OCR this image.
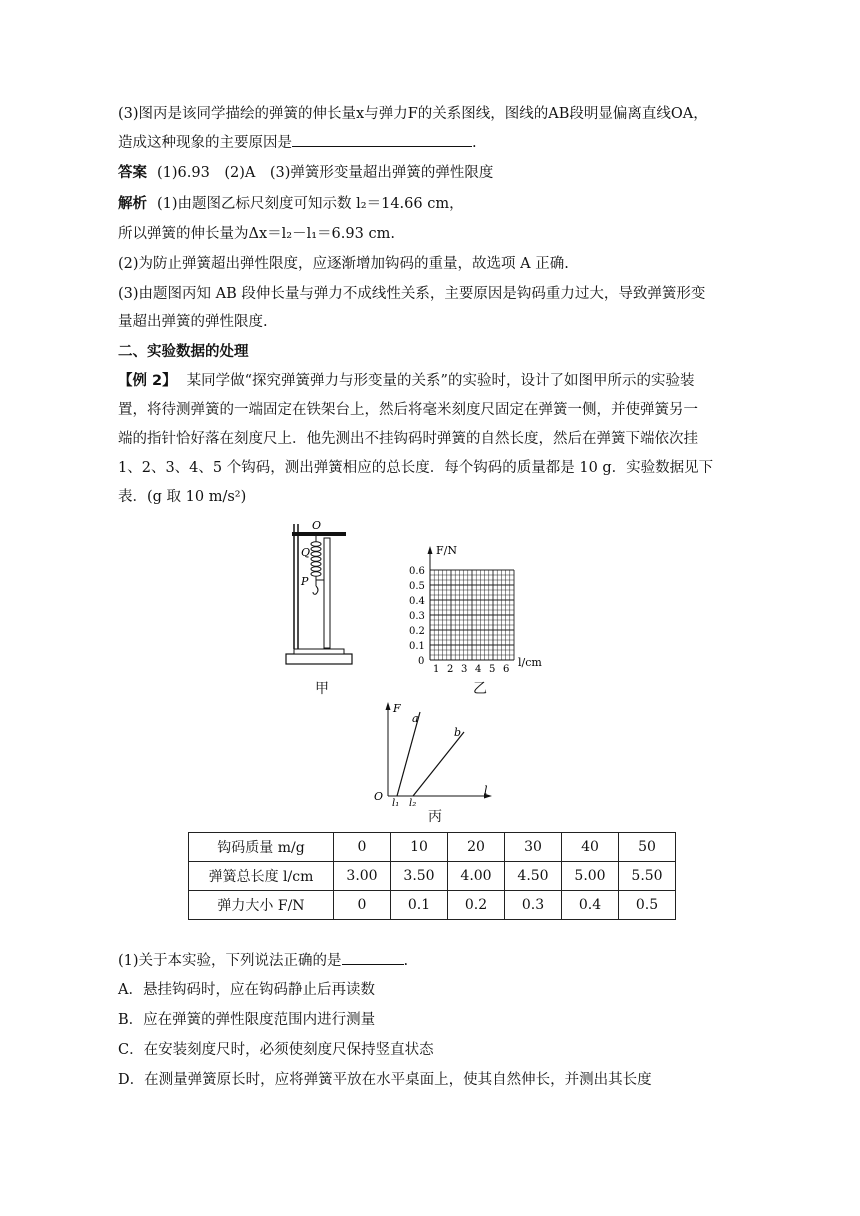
(3)图丙是该同学描绘的弹簧的伸长量x与弹力F的关系图线，图线的AB段明显偏离直线OA，
造成这种现象的主要原因是	.
答案 (1)6.93　(2)A　(3)弹簧形变量超出弹簧的弹性限度
解析 (1)由题图乙标尺刻度可知示数 l₂＝14.66 cm，
所以弹簧的伸长量为Δx＝l₂－l₁＝6.93 cm.
(2)为防止弹簧超出弹性限度，应逐渐增加钩码的重量，故选项 A 正确.
(3)由题图丙知 AB 段伸长量与弹力不成线性关系，主要原因是钩码重力过大，导致弹簧形变
量超出弹簧的弹性限度.
二、实验数据的处理
【例 2】 某同学做“探究弹簧弹力与形变量的关系”的实验时，设计了如图甲所示的实验装
置，将待测弹簧的一端固定在铁架台上，然后将毫米刻度尺固定在弹簧一侧，并使弹簧另一
端的指针恰好落在刻度尺上．他先测出不挂钩码时弹簧的自然长度，然后在弹簧下端依次挂
1、2、3、4、5 个钩码，测出弹簧相应的总长度．每个钩码的质量都是 10 g．实验数据见下
表．(g 取 10 m/s²)
O
Q
P
甲
F/N
l/cm
0
0.6
0.5
0.4
0.3
0.2
0.1
1 2 3 4 5 6
乙
F
l
O
a
b
l₁ l₂
丙
钩码质量 m/g	0	10	20	30	40	50
弹簧总长度 l/cm	3.00	3.50	4.00	4.50	5.00	5.50
弹力大小 F/N	0	0.1	0.2	0.3	0.4	0.5
(1)关于本实验，下列说法正确的是	.
A．悬挂钩码时，应在钩码静止后再读数
B．应在弹簧的弹性限度范围内进行测量
C．在安装刻度尺时，必须使刻度尺保持竖直状态
D．在测量弹簧原长时，应将弹簧平放在水平桌面上，使其自然伸长，并测出其长度
